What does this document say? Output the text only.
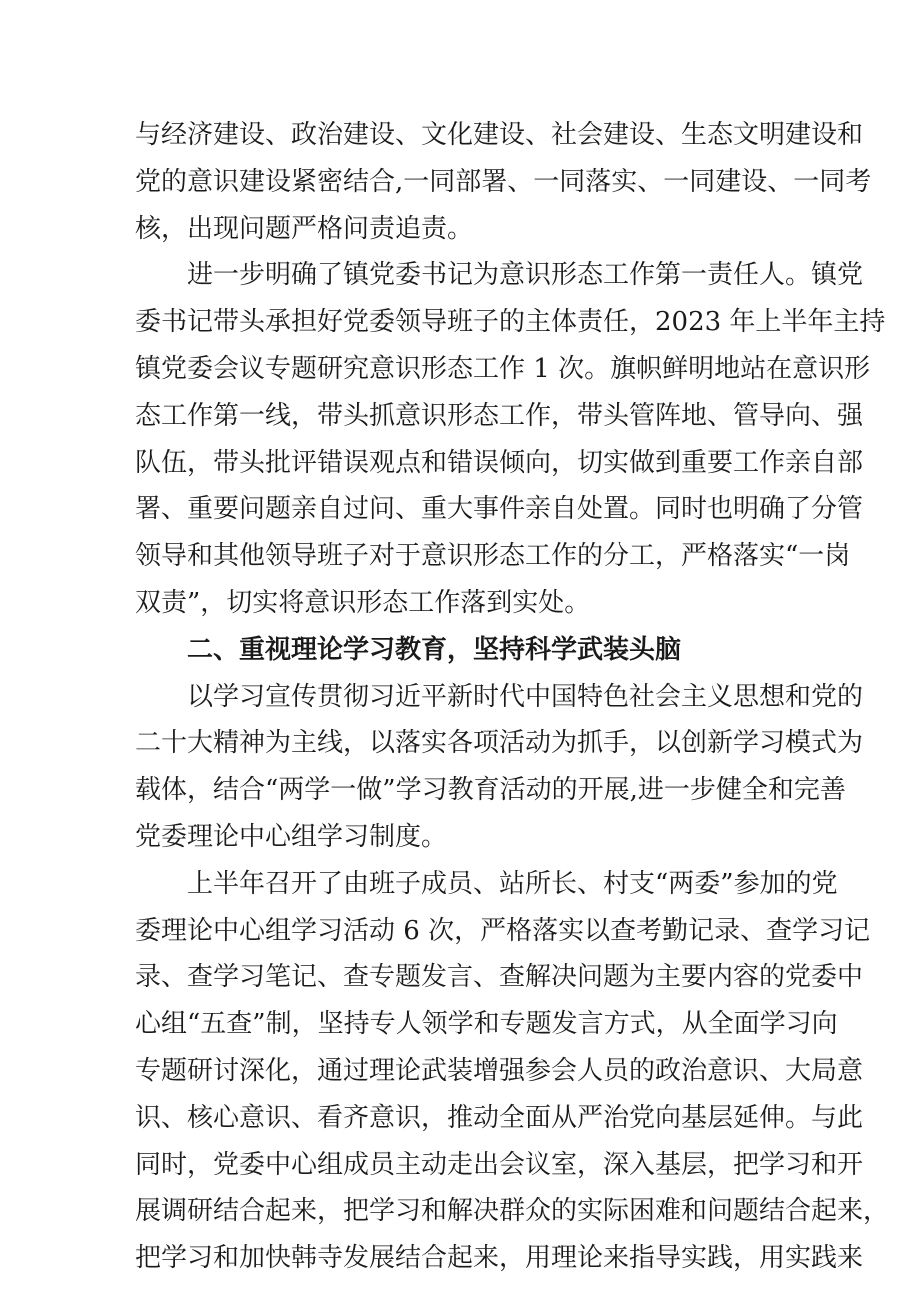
与经济建设、政治建设、文化建设、社会建设、生态文明建设和
党的意识建设紧密结合,一同部署、一同落实、一同建设、一同考
核，出现问题严格问责追责。
进一步明确了镇党委书记为意识形态工作第一责任人。镇党
委书记带头承担好党委领导班子的主体责任，2023 年上半年主持
镇党委会议专题研究意识形态工作 1 次。旗帜鲜明地站在意识形
态工作第一线，带头抓意识形态工作，带头管阵地、管导向、强
队伍，带头批评错误观点和错误倾向，切实做到重要工作亲自部
署、重要问题亲自过问、重大事件亲自处置。同时也明确了分管
领导和其他领导班子对于意识形态工作的分工，严格落实“一岗
双责”，切实将意识形态工作落到实处。
二、重视理论学习教育，坚持科学武装头脑
以学习宣传贯彻习近平新时代中国特色社会主义思想和党的
二十大精神为主线，以落实各项活动为抓手，以创新学习模式为
载体，结合“两学一做”学习教育活动的开展,进一步健全和完善
党委理论中心组学习制度。
上半年召开了由班子成员、站所长、村支“两委”参加的党
委理论中心组学习活动 6 次，严格落实以查考勤记录、查学习记
录、查学习笔记、查专题发言、查解决问题为主要内容的党委中
心组“五查”制，坚持专人领学和专题发言方式，从全面学习向
专题研讨深化，通过理论武装增强参会人员的政治意识、大局意
识、核心意识、看齐意识，推动全面从严治党向基层延伸。与此
同时，党委中心组成员主动走出会议室，深入基层，把学习和开
展调研结合起来，把学习和解决群众的实际困难和问题结合起来，
把学习和加快韩寺发展结合起来，用理论来指导实践，用实践来
